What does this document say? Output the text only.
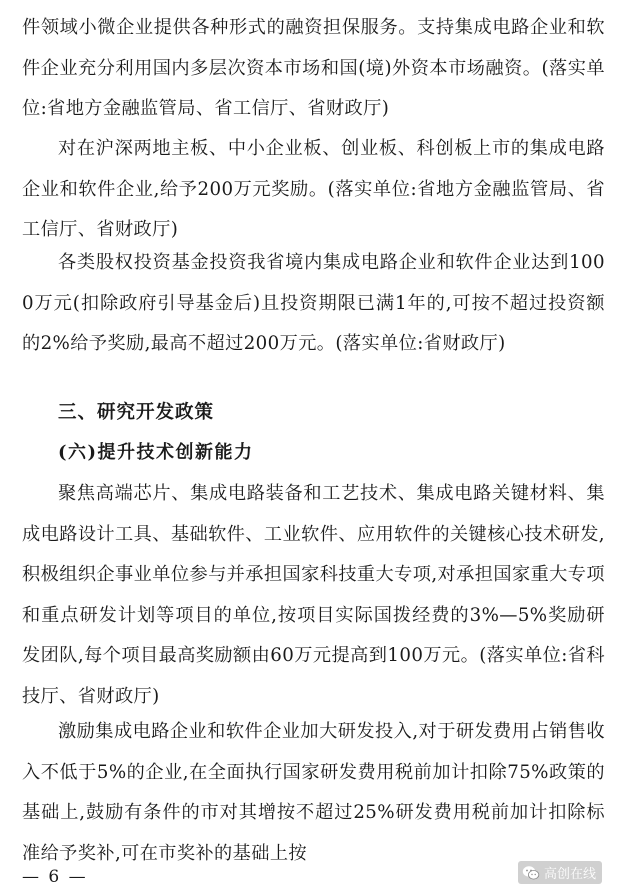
件领域小微企业提供各种形式的融资担保服务。支持集成电路企业和软件企业充分利用国内多层次资本市场和国(境)外资本市场融资。(落实单位:省地方金融监管局、省工信厅、省财政厅)

对在沪深两地主板、中小企业板、创业板、科创板上市的集成电路企业和软件企业,给予200万元奖励。(落实单位:省地方金融监管局、省工信厅、省财政厅)

各类股权投资基金投资我省境内集成电路企业和软件企业达到1000万元(扣除政府引导基金后)且投资期限已满1年的,可按不超过投资额的2%给予奖励,最高不超过200万元。(落实单位:省财政厅)

三、研究开发政策
(六)提升技术创新能力

聚焦高端芯片、集成电路装备和工艺技术、集成电路关键材料、集成电路设计工具、基础软件、工业软件、应用软件的关键核心技术研发,积极组织企事业单位参与并承担国家科技重大专项,对承担国家重大专项和重点研发计划等项目的单位,按项目实际国拨经费的3%—5%奖励研发团队,每个项目最高奖励额由60万元提高到100万元。(落实单位:省科技厅、省财政厅)

激励集成电路企业和软件企业加大研发投入,对于研发费用占销售收入不低于5%的企业,在全面执行国家研发费用税前加计扣除75%政策的基础上,鼓励有条件的市对其增按不超过25%研发费用税前加计扣除标准给予奖补,可在市奖补的基础上按

— 6 —	高创在线
